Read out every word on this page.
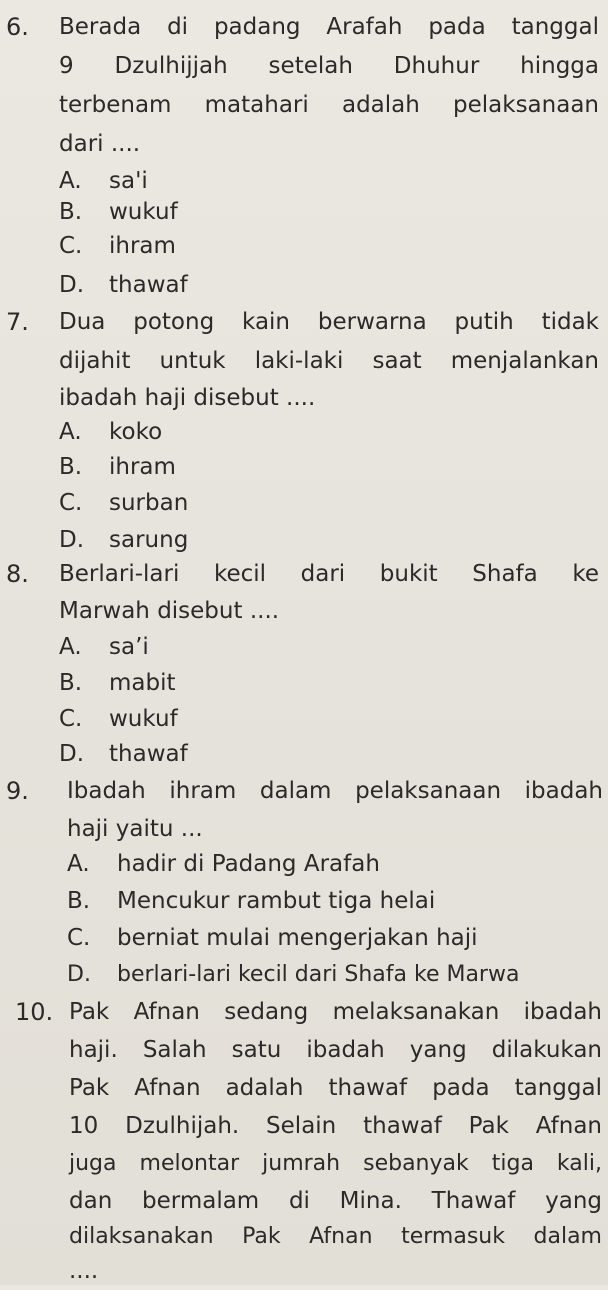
6. Berada di padang Arafah pada tanggal
9 Dzulhijjah setelah Dhuhur hingga
terbenam matahari adalah pelaksanaan
dari ....
A. sa'i
B. wukuf
C. ihram
D. thawaf
7. Dua potong kain berwarna putih tidak
dijahit untuk laki-laki saat menjalankan
ibadah haji disebut ....
A. koko
B. ihram
C. surban
D. sarung
8. Berlari-lari kecil dari bukit Shafa ke
Marwah disebut ....
A. sa’i
B. mabit
C. wukuf
D. thawaf
9. Ibadah ihram dalam pelaksanaan ibadah
haji yaitu ...
A. hadir di Padang Arafah
B. Mencukur rambut tiga helai
C. berniat mulai mengerjakan haji
D. berlari-lari kecil dari Shafa ke Marwa
10. Pak Afnan sedang melaksanakan ibadah
haji. Salah satu ibadah yang dilakukan
Pak Afnan adalah thawaf pada tanggal
10 Dzulhijah. Selain thawaf Pak Afnan
juga melontar jumrah sebanyak tiga kali,
dan bermalam di Mina. Thawaf yang
dilaksanakan Pak Afnan termasuk dalam
....
